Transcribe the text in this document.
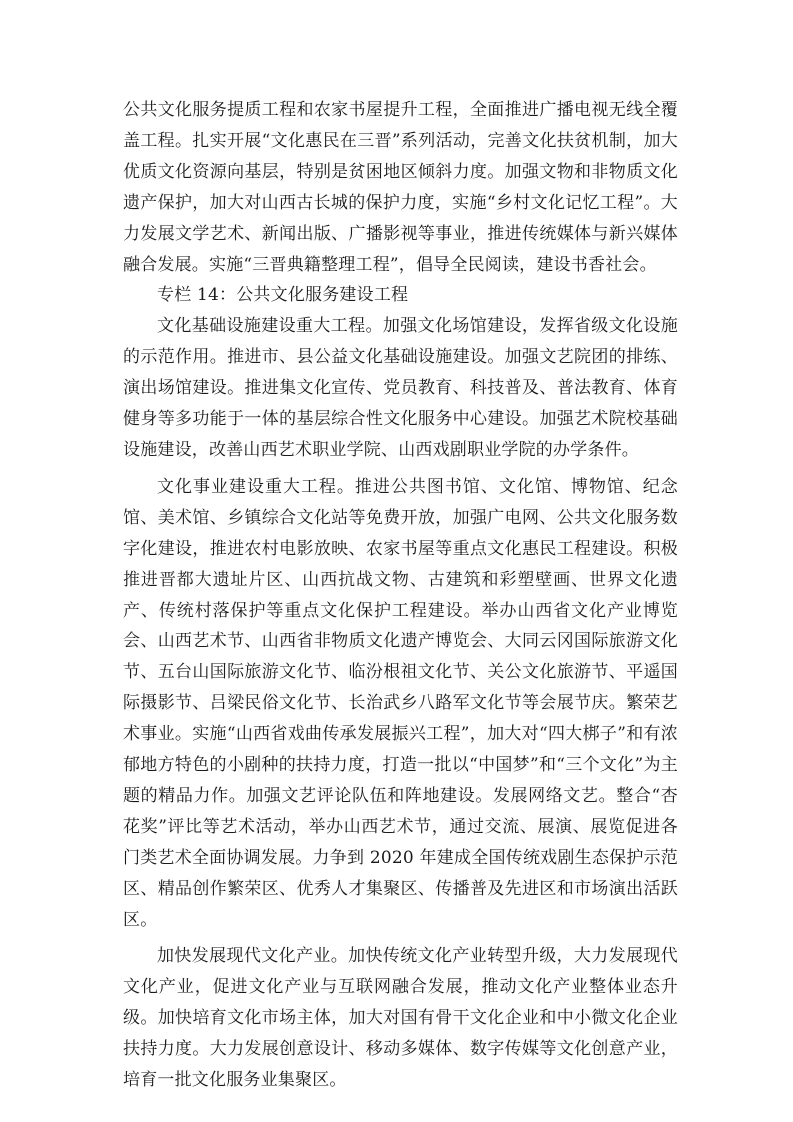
公共文化服务提质工程和农家书屋提升工程，全面推进广播电视无线全覆盖工程。扎实开展“文化惠民在三晋”系列活动，完善文化扶贫机制，加大优质文化资源向基层，特别是贫困地区倾斜力度。加强文物和非物质文化遗产保护，加大对山西古长城的保护力度，实施“乡村文化记忆工程”。大力发展文学艺术、新闻出版、广播影视等事业，推进传统媒体与新兴媒体融合发展。实施“三晋典籍整理工程”，倡导全民阅读，建设书香社会。

专栏 14：公共文化服务建设工程

文化基础设施建设重大工程。加强文化场馆建设，发挥省级文化设施的示范作用。推进市、县公益文化基础设施建设。加强文艺院团的排练、演出场馆建设。推进集文化宣传、党员教育、科技普及、普法教育、体育健身等多功能于一体的基层综合性文化服务中心建设。加强艺术院校基础设施建设，改善山西艺术职业学院、山西戏剧职业学院的办学条件。

文化事业建设重大工程。推进公共图书馆、文化馆、博物馆、纪念馆、美术馆、乡镇综合文化站等免费开放，加强广电网、公共文化服务数字化建设，推进农村电影放映、农家书屋等重点文化惠民工程建设。积极推进晋都大遗址片区、山西抗战文物、古建筑和彩塑壁画、世界文化遗产、传统村落保护等重点文化保护工程建设。举办山西省文化产业博览会、山西艺术节、山西省非物质文化遗产博览会、大同云冈国际旅游文化节、五台山国际旅游文化节、临汾根祖文化节、关公文化旅游节、平遥国际摄影节、吕梁民俗文化节、长治武乡八路军文化节等会展节庆。繁荣艺术事业。实施“山西省戏曲传承发展振兴工程”，加大对“四大梆子”和有浓郁地方特色的小剧种的扶持力度，打造一批以“中国梦”和“三个文化”为主题的精品力作。加强文艺评论队伍和阵地建设。发展网络文艺。整合“杏花奖”评比等艺术活动，举办山西艺术节，通过交流、展演、展览促进各门类艺术全面协调发展。力争到 2020 年建成全国传统戏剧生态保护示范区、精品创作繁荣区、优秀人才集聚区、传播普及先进区和市场演出活跃区。

加快发展现代文化产业。加快传统文化产业转型升级，大力发展现代文化产业，促进文化产业与互联网融合发展，推动文化产业整体业态升级。加快培育文化市场主体，加大对国有骨干文化企业和中小微文化企业扶持力度。大力发展创意设计、移动多媒体、数字传媒等文化创意产业，培育一批文化服务业集聚区。
